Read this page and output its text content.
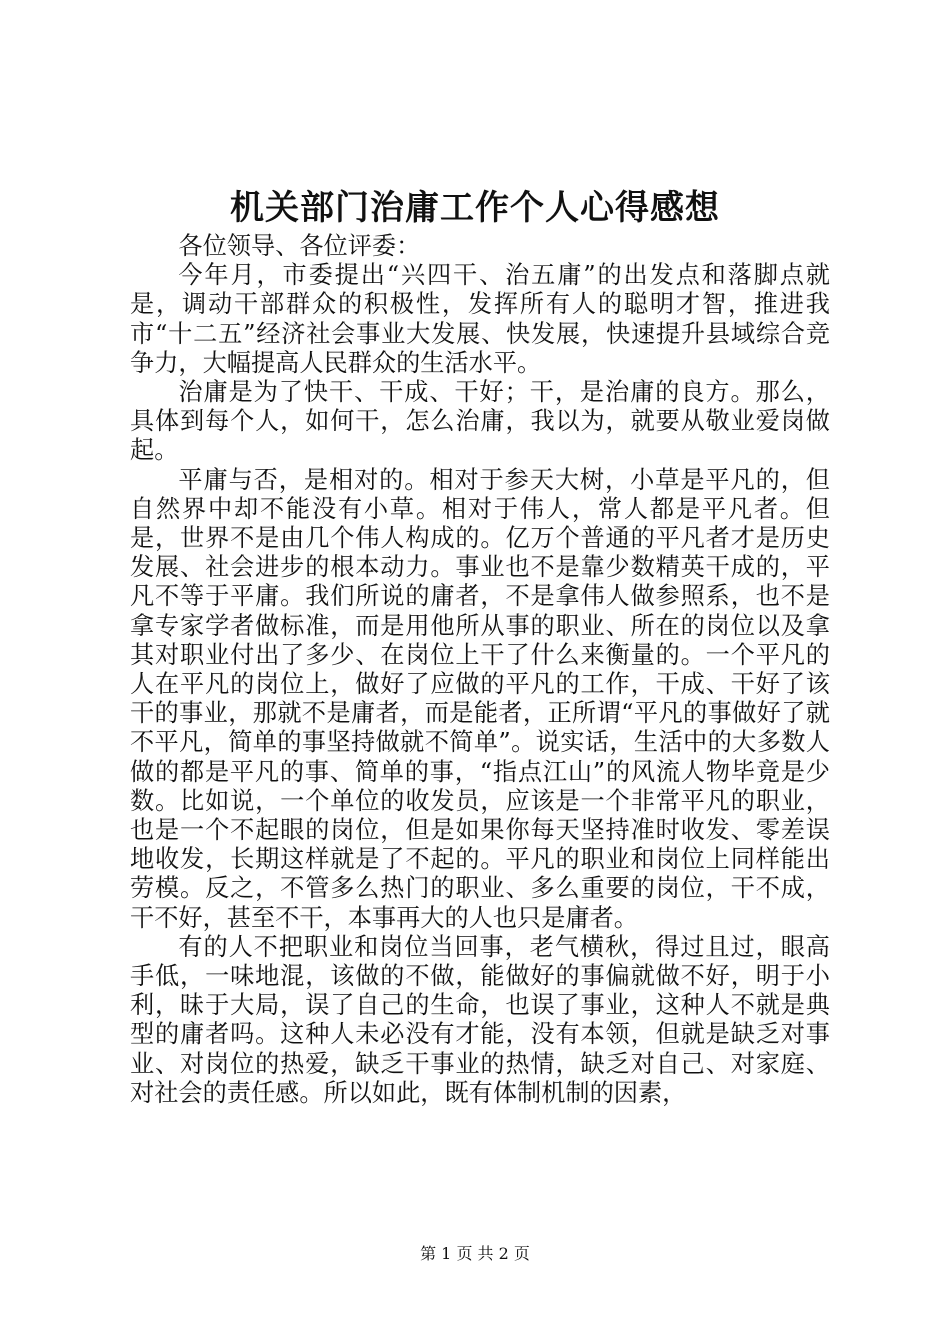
机关部门治庸工作个人心得感想

各位领导、各位评委：

今年月，市委提出“兴四干、治五庸”的出发点和落脚点就是，调动干部群众的积极性，发挥所有人的聪明才智，推进我市“十二五”经济社会事业大发展、快发展，快速提升县域综合竞争力，大幅提高人民群众的生活水平。

治庸是为了快干、干成、干好；干，是治庸的良方。那么，具体到每个人，如何干，怎么治庸，我以为，就要从敬业爱岗做起。

平庸与否，是相对的。相对于参天大树，小草是平凡的，但自然界中却不能没有小草。相对于伟人，常人都是平凡者。但是，世界不是由几个伟人构成的。亿万个普通的平凡者才是历史发展、社会进步的根本动力。事业也不是靠少数精英干成的，平凡不等于平庸。我们所说的庸者，不是拿伟人做参照系，也不是拿专家学者做标准，而是用他所从事的职业、所在的岗位以及拿其对职业付出了多少、在岗位上干了什么来衡量的。一个平凡的人在平凡的岗位上，做好了应做的平凡的工作，干成、干好了该干的事业，那就不是庸者，而是能者，正所谓“平凡的事做好了就不平凡，简单的事坚持做就不简单”。说实话，生活中的大多数人做的都是平凡的事、简单的事，“指点江山”的风流人物毕竟是少数。比如说，一个单位的收发员，应该是一个非常平凡的职业，也是一个不起眼的岗位，但是如果你每天坚持准时收发、零差误地收发，长期这样就是了不起的。平凡的职业和岗位上同样能出劳模。反之，不管多么热门的职业、多么重要的岗位，干不成，干不好，甚至不干，本事再大的人也只是庸者。

有的人不把职业和岗位当回事，老气横秋，得过且过，眼高手低，一味地混，该做的不做，能做好的事偏就做不好，明于小利，昧于大局，误了自己的生命，也误了事业，这种人不就是典型的庸者吗。这种人未必没有才能，没有本领，但就是缺乏对事业、对岗位的热爱，缺乏干事业的热情，缺乏对自己、对家庭、对社会的责任感。所以如此，既有体制机制的因素，

第 1 页 共 2 页
